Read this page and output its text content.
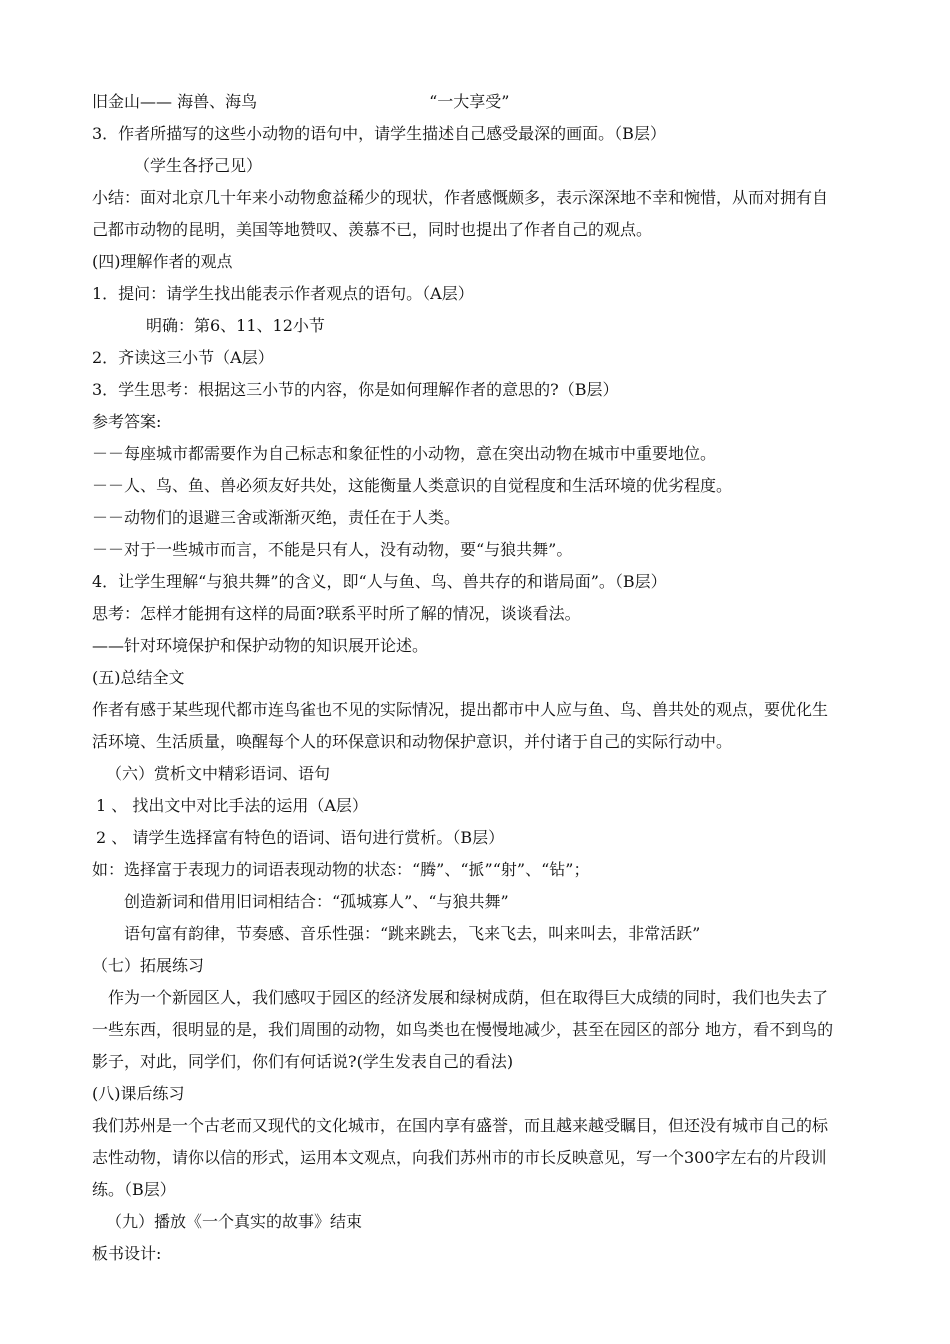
旧金山—— 海兽、海鸟	“一大享受”
3．作者所描写的这些小动物的语句中，请学生描述自己感受最深的画面。（B层）
（学生各抒己见）
小结：面对北京几十年来小动物愈益稀少的现状，作者感慨颇多，表示深深地不幸和惋惜，从而对拥有自
己都市动物的昆明，美国等地赞叹、羡慕不已，同时也提出了作者自己的观点。
(四)理解作者的观点
1．提问：请学生找出能表示作者观点的语句。（A层）
明确：第6、11、12小节
2．齐读这三小节（A层）
3．学生思考：根据这三小节的内容，你是如何理解作者的意思的?（B层）
参考答案:
－－每座城市都需要作为自己标志和象征性的小动物，意在突出动物在城市中重要地位。
－－人、鸟、鱼、兽必须友好共处，这能衡量人类意识的自觉程度和生活环境的优劣程度。
－－动物们的退避三舍或渐渐灭绝，责任在于人类。
－－对于一些城市而言，不能是只有人，没有动物，要“与狼共舞”。
4．让学生理解“与狼共舞”的含义，即“人与鱼、鸟、兽共存的和谐局面”。（B层）
思考：怎样才能拥有这样的局面?联系平时所了解的情况，谈谈看法。
——针对环境保护和保护动物的知识展开论述。
(五)总结全文
作者有感于某些现代都市连鸟雀也不见的实际情况，提出都市中人应与鱼、鸟、兽共处的观点，要优化生
活环境、生活质量，唤醒每个人的环保意识和动物保护意识，并付诸于自己的实际行动中。
（六）赏析文中精彩语词、语句
1 、 找出文中对比手法的运用（A层）
2 、 请学生选择富有特色的语词、语句进行赏析。（B层）
如：选择富于表现力的词语表现动物的状态：“腾”、“挀”“射”、“钻”；
创造新词和借用旧词相结合：“孤城寡人”、“与狼共舞”
语句富有韵律，节奏感、音乐性强：“跳来跳去，飞来飞去，叫来叫去，非常活跃”
（七）拓展练习
作为一个新园区人，我们感叹于园区的经济发展和绿树成荫，但在取得巨大成绩的同时，我们也失去了
一些东西，很明显的是，我们周围的动物，如鸟类也在慢慢地减少，甚至在园区的部分 地方，看不到鸟的
影子，对此，同学们，你们有何话说?(学生发表自己的看法)
(八)课后练习
我们苏州是一个古老而又现代的文化城市，在国内享有盛誉，而且越来越受瞩目，但还没有城市自己的标
志性动物，请你以信的形式，运用本文观点，向我们苏州市的市长反映意见，写一个300字左右的片段训
练。（B层）
（九）播放《一个真实的故事》结束
板书设计:
